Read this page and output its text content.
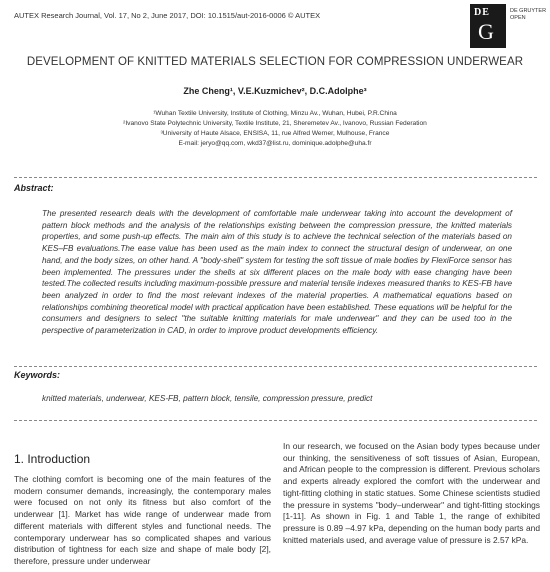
AUTEX Research Journal, Vol. 17, No 2, June 2017, DOI: 10.1515/aut-2016-0006 © AUTEX	DE
G
DE GRUYTER
OPEN
DEVELOPMENT OF KNITTED MATERIALS SELECTION FOR COMPRESSION UNDERWEAR
Zhe Cheng¹, V.E.Kuzmichev², D.C.Adolphe³
¹Wuhan Textile University, Institute of Clothing, Minzu Av., Wuhan, Hubei, P.R.China
²Ivanovo State Polytechnic University, Textile Institute, 21, Sheremetev Av., Ivanovo, Russian Federation
³University of Haute Alsace, ENSISA, 11, rue Alfred Werner, Mulhouse, France
E-mail: jeryo@qq.com, wkd37@list.ru, dominique.adolphe@uha.fr
Abstract:

The presented research deals with the development of comfortable male underwear taking into account the development of pattern block methods and the analysis of the relationships existing between the compression pressure, the knitted materials properties, and some push-up effects. The main aim of this study is to achieve the technical selection of the materials based on KES–FB evaluations.The ease value has been used as the main index to connect the structural design of underwear, on one hand, and the body sizes, on other hand. A "body-shell" system for testing the soft tissue of male bodies by FlexiForce sensor has been implemented. The pressures under the shells at six different places on the male body with ease changing have been tested.The collected results including maximum-possible pressure and material tensile indexes measured thanks to KES-FB have been analyzed in order to find the most relevant indexes of the material properties. A mathematical equations based on relationships combining theoretical model with practical application have been established. These equations will be helpful for the consumers and designers to select "the suitable knitting materials for male underwear" and they can be used too in the perspective of parameterization in CAD, in order to improve product developments efficiency.

Keywords:
knitted materials, underwear, KES-FB, pattern block, tensile, compression pressure, predict
1. Introduction

The clothing comfort is becoming one of the main features of the modern consumer demands, increasingly, the contemporary males were focused on not only its fitness but also comfort of the underwear [1]. Market has wide range of underwear made from different materials with different styles and functional needs. The contemporary underwear has so complicated shapes and various distribution of tightness for each size and shape of male body [2], therefore, pressure under underwear

In our research, we focused on the Asian body types because under our thinking, the sensitiveness of soft tissues of Asian, European, and African people to the compression is different. Previous scholars and experts already explored the comfort with the underwear and tight-fitting clothing in static statues. Some Chinese scientists studied the pressure in systems "body–underwear" and tight-fitting stockings [1-11]. As shown in Fig. 1 and Table 1, the range of exhibited pressure is 0.89 –4.97 kPa, depending on the human body parts and knitted materials used, and average value of pressure is 2.57 kPa.
